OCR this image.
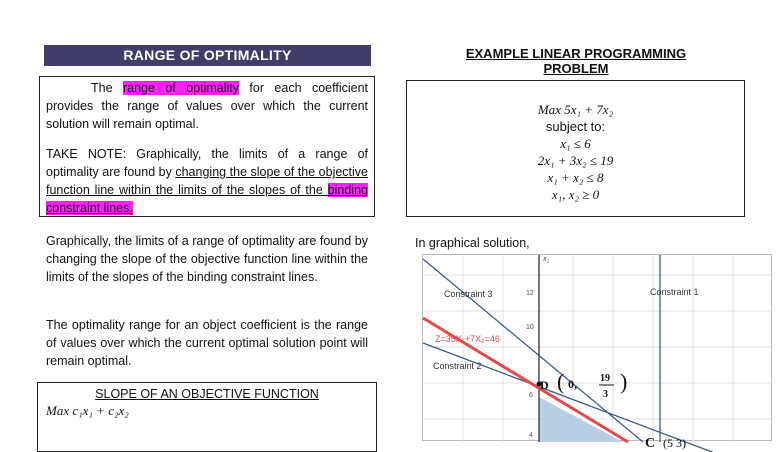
RANGE OF OPTIMALITY
The range of optimality for each coefficient provides the range of values over which the current solution will remain optimal.
TAKE NOTE: Graphically, the limits of a range of optimality are found by changing the slope of the objective function line within the limits of the slopes of the binding constraint lines.
Graphically, the limits of a range of optimality are found by changing the slope of the objective function line within the limits of the slopes of the binding constraint lines.
The optimality range for an object coefficient is the range of values over which the current optimal solution point will remain optimal.
SLOPE OF AN OBJECTIVE FUNCTION
Max c₁x₁ + c₂x₂
EXAMPLE LINEAR PROGRAMMING PROBLEM
Max 5x₁ + 7x₂
subject to:
x₁ ≤ 6
2x₁ + 3x₂ ≤ 19
x₁ + x₂ ≤ 8
x₁, x₂ ≥ 0
In graphical solution,
Constraint 3	Constraint 1
Constraint 2
Z=35X₁+7X₂=46
12
10
6
4
x₂
D ( 0, 19
3
)
C (5 3)
